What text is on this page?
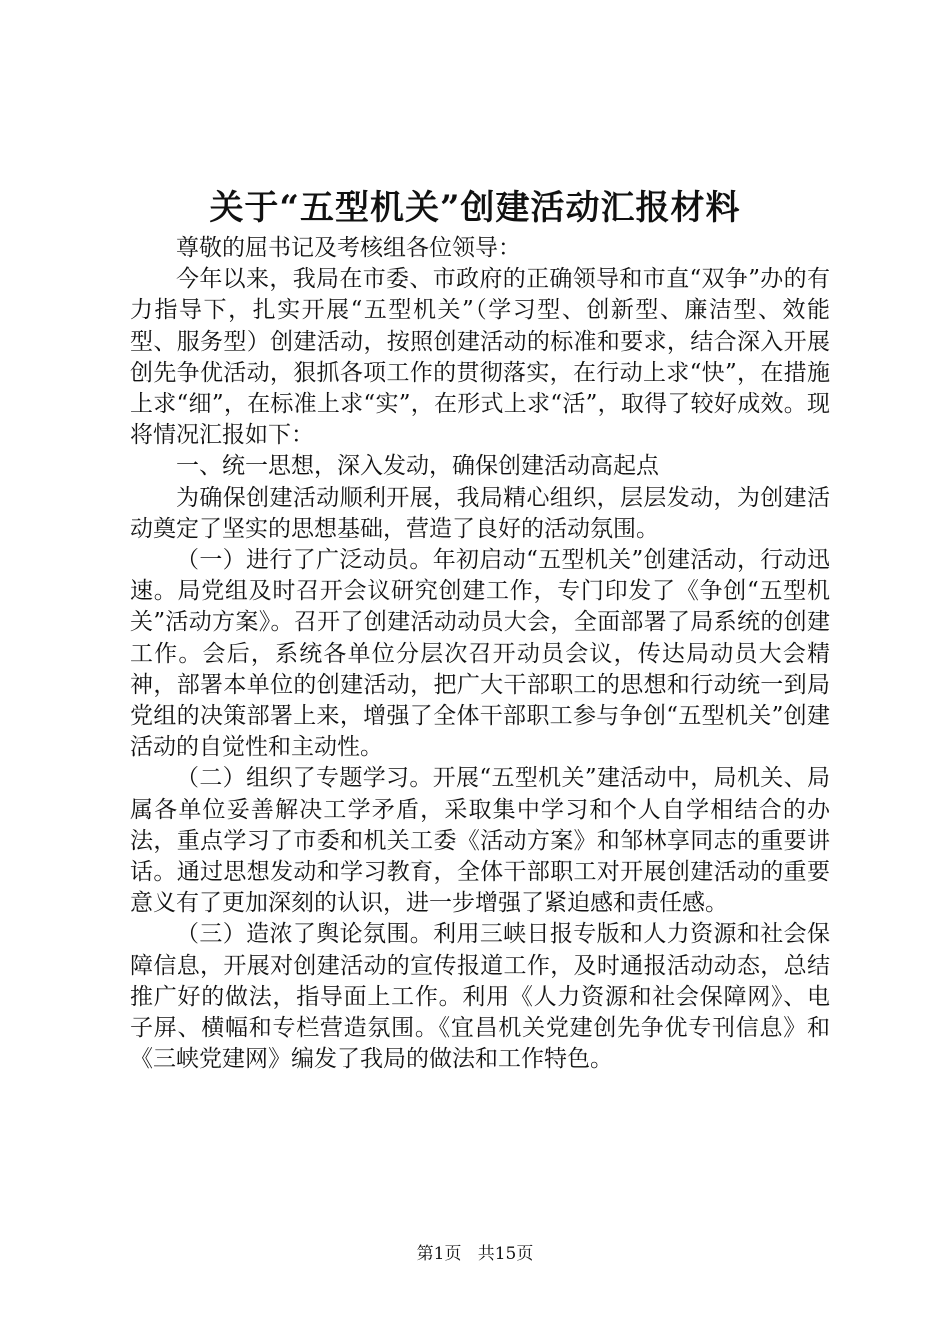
关于“五型机关”创建活动汇报材料

尊敬的屈书记及考核组各位领导：

今年以来，我局在市委、市政府的正确领导和市直“双争”办的有力指导下，扎实开展“五型机关”（学习型、创新型、廉洁型、效能型、服务型）创建活动，按照创建活动的标准和要求，结合深入开展创先争优活动，狠抓各项工作的贯彻落实，在行动上求“快”，在措施上求“细”，在标准上求“实”，在形式上求“活”，取得了较好成效。现将情况汇报如下：

一、统一思想，深入发动，确保创建活动高起点

为确保创建活动顺利开展，我局精心组织，层层发动，为创建活动奠定了坚实的思想基础，营造了良好的活动氛围。

（一）进行了广泛动员。年初启动“五型机关”创建活动，行动迅速。局党组及时召开会议研究创建工作，专门印发了《争创“五型机关”活动方案》。召开了创建活动动员大会，全面部署了局系统的创建工作。会后，系统各单位分层次召开动员会议，传达局动员大会精神，部署本单位的创建活动，把广大干部职工的思想和行动统一到局党组的决策部署上来，增强了全体干部职工参与争创“五型机关”创建活动的自觉性和主动性。

（二）组织了专题学习。开展“五型机关”建活动中，局机关、局属各单位妥善解决工学矛盾，采取集中学习和个人自学相结合的办法，重点学习了市委和机关工委《活动方案》和邹林享同志的重要讲话。通过思想发动和学习教育，全体干部职工对开展创建活动的重要意义有了更加深刻的认识，进一步增强了紧迫感和责任感。

（三）造浓了舆论氛围。利用三峡日报专版和人力资源和社会保障信息，开展对创建活动的宣传报道工作，及时通报活动动态，总结推广好的做法，指导面上工作。利用《人力资源和社会保障网》、电子屏、横幅和专栏营造氛围。《宜昌机关党建创先争优专刊信息》和《三峡党建网》编发了我局的做法和工作特色。

第1页 共15页
